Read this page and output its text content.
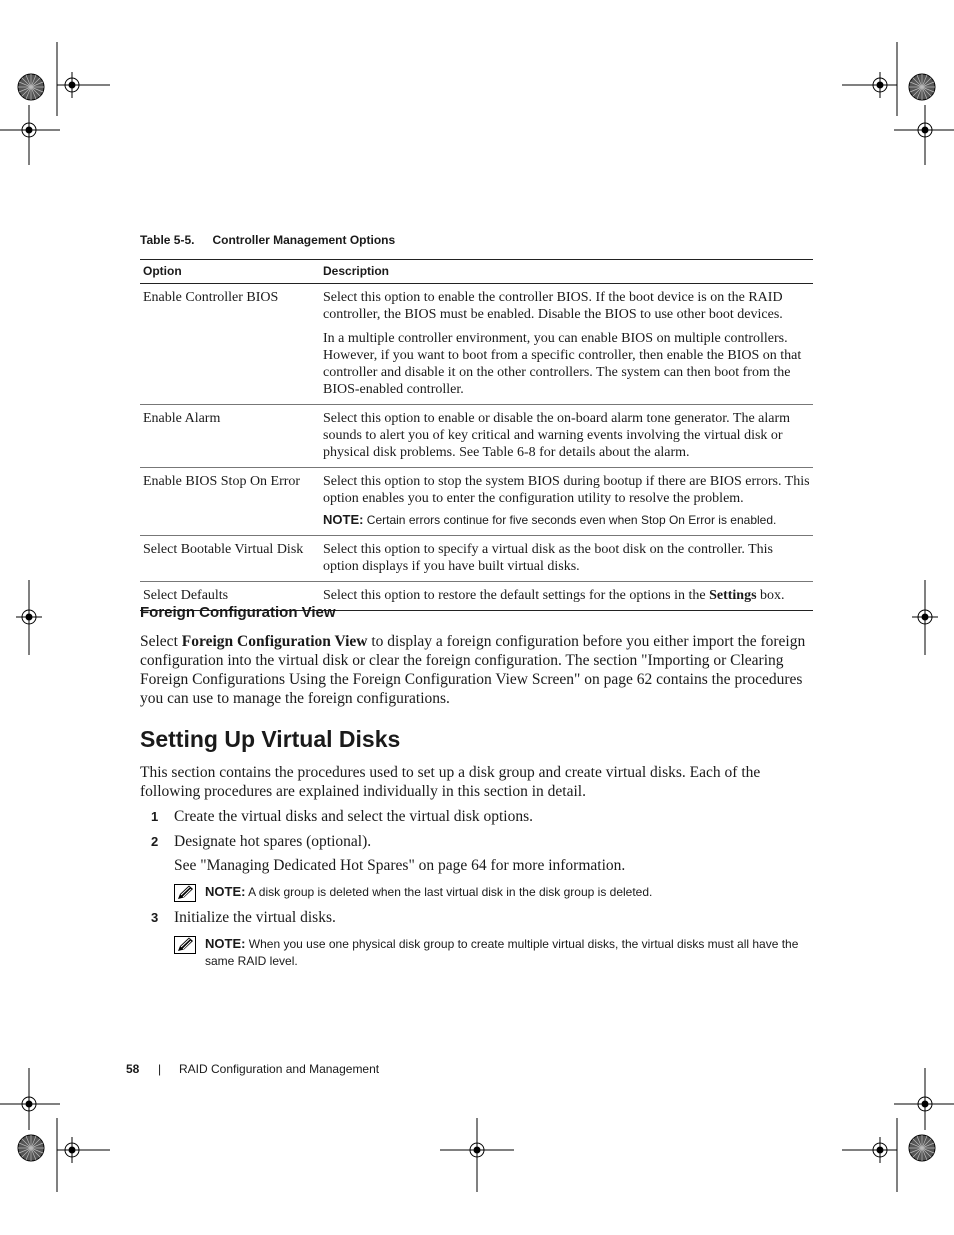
Table 5-5. Controller Management Options
Option	Description
Enable Controller BIOS	Select this option to enable the controller BIOS. If the boot device is on the RAID controller, the BIOS must be enabled. Disable the BIOS to use other boot devices.

In a multiple controller environment, you can enable BIOS on multiple controllers. However, if you want to boot from a specific controller, then enable the BIOS on that controller and disable it on the other controllers. The system can then boot from the BIOS-enabled controller.

Enable Alarm	Select this option to enable or disable the on-board alarm tone generator. The alarm sounds to alert you of key critical and warning events involving the virtual disk or physical disk problems. See Table 6-8 for details about the alarm.

Enable BIOS Stop On Error	Select this option to stop the system BIOS during bootup if there are BIOS errors. This option enables you to enter the configuration utility to resolve the problem.

NOTE: Certain errors continue for five seconds even when Stop On Error is enabled.

Select Bootable Virtual Disk	Select this option to specify a virtual disk as the boot disk on the controller. This option displays if you have built virtual disks.

Select Defaults	Select this option to restore the default settings for the options in the Settings box.
Foreign Configuration View

Select Foreign Configuration View to display a foreign configuration before you either import the foreign configuration into the virtual disk or clear the foreign configuration. The section "Importing or Clearing Foreign Configurations Using the Foreign Configuration View Screen" on page 62 contains the procedures you can use to manage the foreign configurations.

Setting Up Virtual Disks

This section contains the procedures used to set up a disk group and create virtual disks. Each of the following procedures are explained individually in this section in detail.

1 Create the virtual disks and select the virtual disk options.
2 Designate hot spares (optional).
See "Managing Dedicated Hot Spares" on page 64 for more information.
NOTE: A disk group is deleted when the last virtual disk in the disk group is deleted.
3 Initialize the virtual disks.
NOTE: When you use one physical disk group to create multiple virtual disks, the virtual disks must all have the same RAID level.
58 | RAID Configuration and Management
